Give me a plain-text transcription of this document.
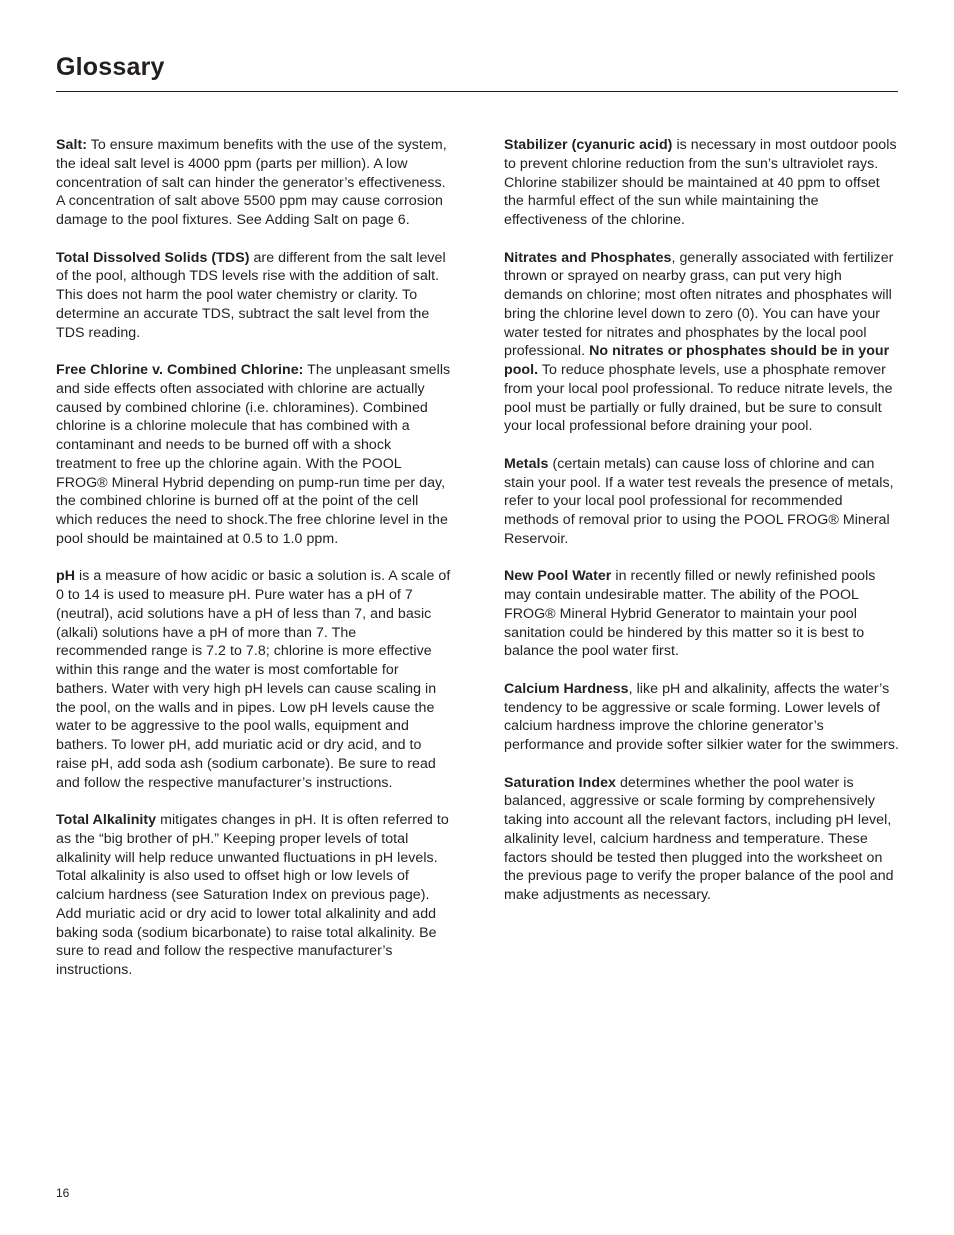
Glossary

Salt: To ensure maximum benefits with the use of the system, the ideal salt level is 4000 ppm (parts per million). A low concentration of salt can hinder the generator’s effectiveness. A concentration of salt above 5500 ppm may cause corrosion damage to the pool fixtures. See Adding Salt on page 6.

Total Dissolved Solids (TDS) are different from the salt level of the pool, although TDS levels rise with the addition of salt. This does not harm the pool water chemistry or clarity. To determine an accurate TDS, subtract the salt level from the TDS reading.

Free Chlorine v. Combined Chlorine: The unpleasant smells and side effects often associated with chlorine are actually caused by combined chlorine (i.e. chloramines). Combined chlorine is a chlorine molecule that has combined with a contaminant and needs to be burned off with a shock treatment to free up the chlorine again. With the POOL FROG® Mineral Hybrid depending on pump-run time per day, the combined chlorine is burned off at the point of the cell which reduces the need to shock.The free chlorine level in the pool should be maintained at 0.5 to 1.0 ppm.

pH is a measure of how acidic or basic a solution is. A scale of 0 to 14 is used to measure pH. Pure water has a pH of 7 (neutral), acid solutions have a pH of less than 7, and basic (alkali) solutions have a pH of more than 7. The recommended range is 7.2 to 7.8; chlorine is more effective within this range and the water is most comfortable for bathers. Water with very high pH levels can cause scaling in the pool, on the walls and in pipes. Low pH levels cause the water to be aggressive to the pool walls, equipment and bathers. To lower pH, add muriatic acid or dry acid, and to raise pH, add soda ash (sodium carbonate). Be sure to read and follow the respective manufacturer’s instructions.

Total Alkalinity mitigates changes in pH. It is often referred to as the “big brother of pH.” Keeping proper levels of total alkalinity will help reduce unwanted fluctuations in pH levels. Total alkalinity is also used to offset high or low levels of calcium hardness (see Saturation Index on previous page). Add muriatic acid or dry acid to lower total alkalinity and add baking soda (sodium bicarbonate) to raise total alkalinity. Be sure to read and follow the respective manufacturer’s instructions.

Stabilizer (cyanuric acid) is necessary in most outdoor pools to prevent chlorine reduction from the sun’s ultraviolet rays. Chlorine stabilizer should be maintained at 40 ppm to offset the harmful effect of the sun while maintaining the effectiveness of the chlorine.

Nitrates and Phosphates, generally associated with fertilizer thrown or sprayed on nearby grass, can put very high demands on chlorine; most often nitrates and phosphates will bring the chlorine level down to zero (0). You can have your water tested for nitrates and phosphates by the local pool professional. No nitrates or phosphates should be in your pool. To reduce phosphate levels, use a phosphate remover from your local pool professional. To reduce nitrate levels, the pool must be partially or fully drained, but be sure to consult your local professional before draining your pool.

Metals (certain metals) can cause loss of chlorine and can stain your pool. If a water test reveals the presence of metals, refer to your local pool professional for recommended methods of removal prior to using the POOL FROG® Mineral Reservoir.

New Pool Water in recently filled or newly refinished pools may contain undesirable matter. The ability of the POOL FROG® Mineral Hybrid Generator to maintain your pool sanitation could be hindered by this matter so it is best to balance the pool water first.

Calcium Hardness, like pH and alkalinity, affects the water’s tendency to be aggressive or scale forming. Lower levels of calcium hardness improve the chlorine generator’s performance and provide softer silkier water for the swimmers.

Saturation Index determines whether the pool water is balanced, aggressive or scale forming by comprehensively taking into account all the relevant factors, including pH level, alkalinity level, calcium hardness and temperature. These factors should be tested then plugged into the worksheet on the previous page to verify the proper balance of the pool and make adjustments as necessary.

16
